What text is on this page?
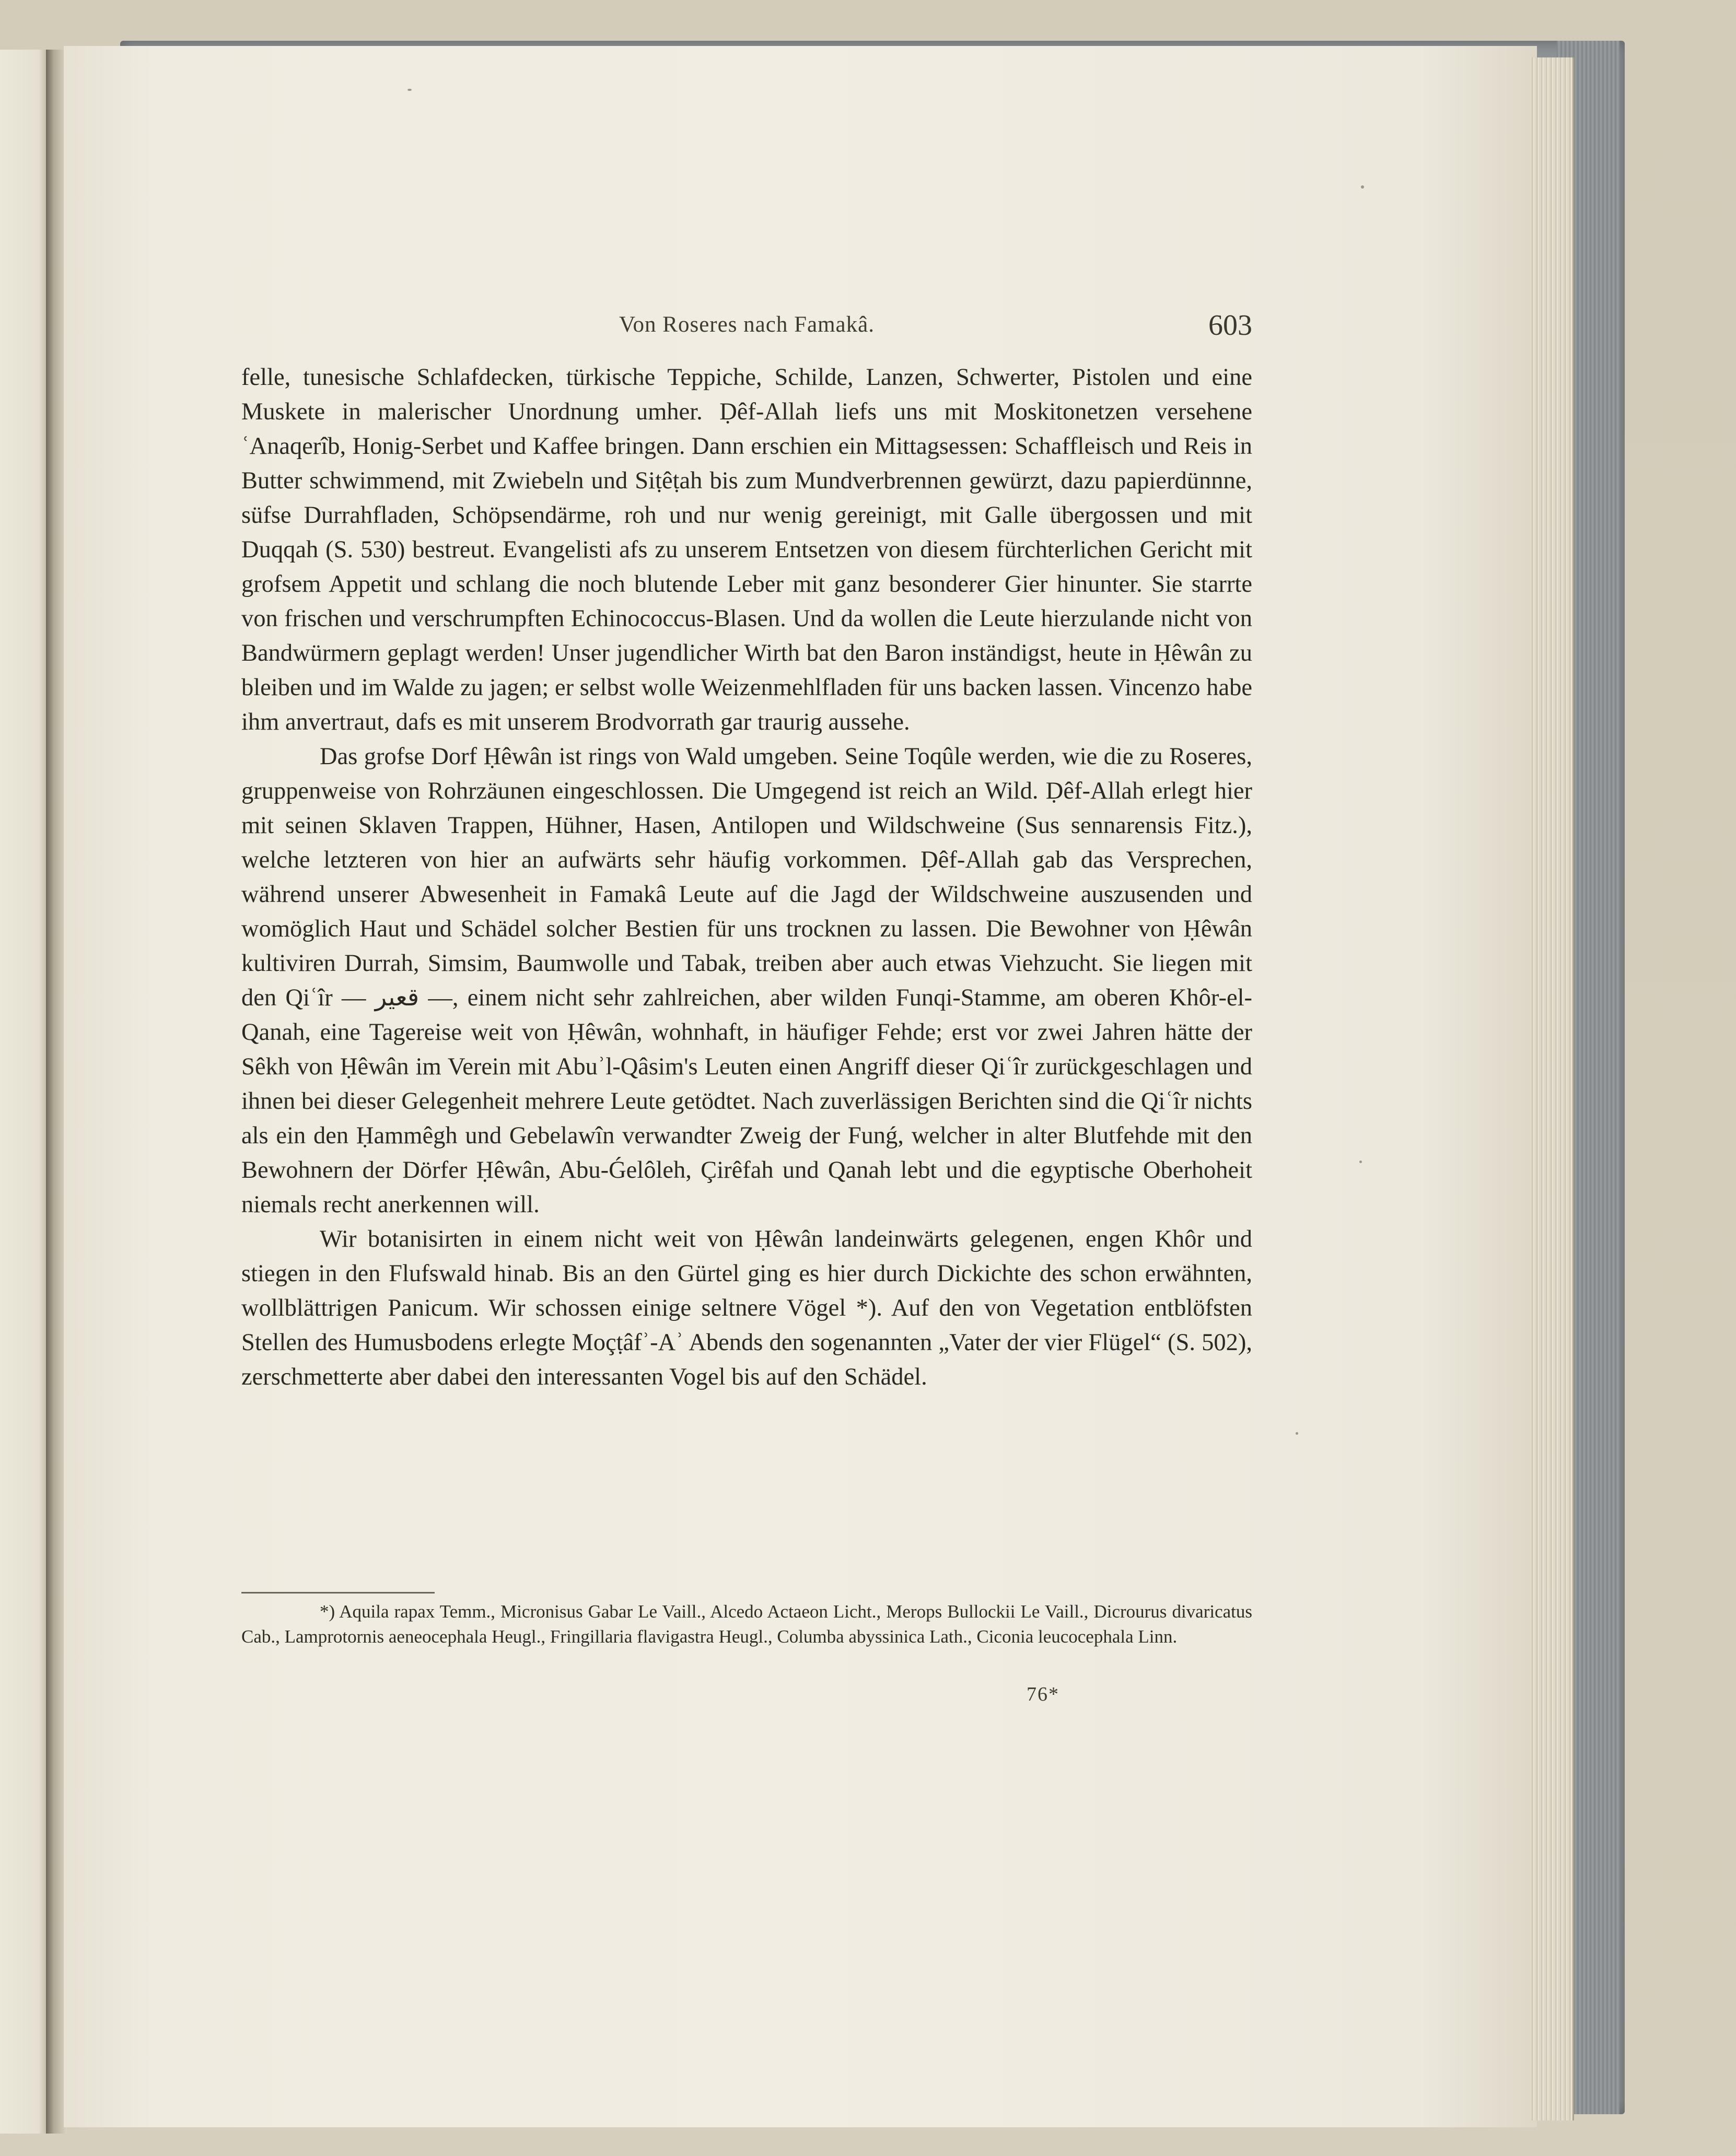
Von Roseres nach Famakâ.	603

felle, tunesische Schlafdecken, türkische Teppiche, Schilde, Lanzen, Schwerter, Pistolen und eine Muskete in malerischer Unordnung umher. Ḍêf-Allah liefs uns mit Moskitonetzen versehene ʿAnaqerîb, Honig-Serbet und Kaffee bringen. Dann erschien ein Mittagsessen: Schaffleisch und Reis in Butter schwimmend, mit Zwiebeln und Siṭêṭah bis zum Mundverbrennen gewürzt, dazu papierdünnne, süfse Durrahfladen, Schöpsendärme, roh und nur wenig gereinigt, mit Galle übergossen und mit Duqqah (S. 530) bestreut. Evangelisti afs zu unserem Entsetzen von diesem fürchterlichen Gericht mit grofsem Appetit und schlang die noch blutende Leber mit ganz besonderer Gier hinunter. Sie starrte von frischen und verschrumpften Echinococcus-Blasen. Und da wollen die Leute hierzulande nicht von Bandwürmern geplagt werden! Unser jugendlicher Wirth bat den Baron inständigst, heute in Ḥêwân zu bleiben und im Walde zu jagen; er selbst wolle Weizenmehlfladen für uns backen lassen. Vincenzo habe ihm anvertraut, dafs es mit unserem Brodvorrath gar traurig aussehe.

Das grofse Dorf Ḥêwân ist rings von Wald umgeben. Seine Toqûle werden, wie die zu Roseres, gruppenweise von Rohrzäunen eingeschlossen. Die Umgegend ist reich an Wild. Ḍêf-Allah erlegt hier mit seinen Sklaven Trappen, Hühner, Hasen, Antilopen und Wildschweine (Sus sennarensis Fitz.), welche letzteren von hier an aufwärts sehr häufig vorkommen. Ḍêf-Allah gab das Versprechen, während unserer Abwesenheit in Famakâ Leute auf die Jagd der Wildschweine auszusenden und womöglich Haut und Schädel solcher Bestien für uns trocknen zu lassen. Die Bewohner von Ḥêwân kultiviren Durrah, Simsim, Baumwolle und Tabak, treiben aber auch etwas Viehzucht. Sie liegen mit den Qiʿîr — قعير —, einem nicht sehr zahlreichen, aber wilden Funqi-Stamme, am oberen Khôr-el-Qanah, eine Tagereise weit von Ḥêwân, wohnhaft, in häufiger Fehde; erst vor zwei Jahren hätte der Sêkh von Ḥêwân im Verein mit Abuʾl-Qâsim's Leuten einen Angriff dieser Qiʿîr zurückgeschlagen und ihnen bei dieser Gelegenheit mehrere Leute getödtet. Nach zuverlässigen Berichten sind die Qiʿîr nichts als ein den Ḥammêgh und Gebelawîn verwandter Zweig der Funǵ, welcher in alter Blutfehde mit den Bewohnern der Dörfer Ḥêwân, Abu-Ǵelôleh, Çirêfah und Qanah lebt und die egyptische Oberhoheit niemals recht anerkennen will.

Wir botanisirten in einem nicht weit von Ḥêwân landeinwärts gelegenen, engen Khôr und stiegen in den Flufswald hinab. Bis an den Gürtel ging es hier durch Dickichte des schon erwähnten, wollblättrigen Panicum. Wir schossen einige seltnere Vögel *). Auf den von Vegetation entblöfsten Stellen des Humusbodens erlegte Moçṭâfʾ-Aʾ Abends den sogenannten „Vater der vier Flügel“ (S. 502), zerschmetterte aber dabei den interessanten Vogel bis auf den Schädel.

*) Aquila rapax Temm., Micronisus Gabar Le Vaill., Alcedo Actaeon Licht., Merops Bullockii Le Vaill., Dicrourus divaricatus Cab., Lamprotornis aeneocephala Heugl., Fringillaria flavigastra Heugl., Columba abyssinica Lath., Ciconia leucocephala Linn.

76*
